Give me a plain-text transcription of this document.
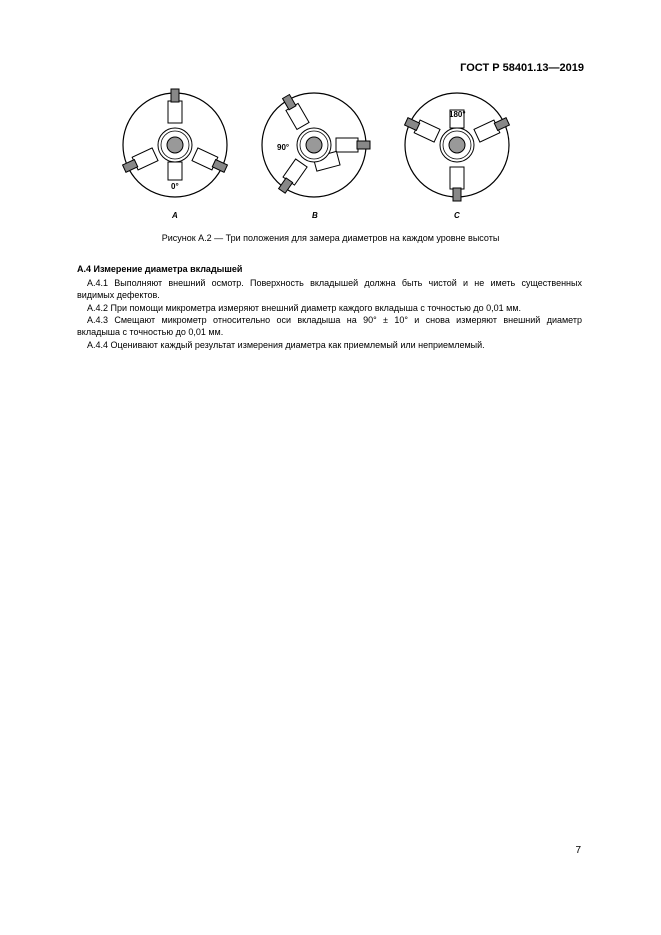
ГОСТ Р 58401.13—2019
0°
A
90°
B
180°
C
Рисунок А.2 — Три положения для замера диаметров на каждом уровне высоты
А.4 Измерение диаметра вкладышей
А.4.1 Выполняют внешний осмотр. Поверхность вкладышей должна быть чистой и не иметь существенных
видимых дефектов.
А.4.2 При помощи микрометра измеряют внешний диаметр каждого вкладыша с точностью до 0,01 мм.
А.4.3 Смещают микрометр относительно оси вкладыша на 90° ± 10° и снова измеряют внешний диаметр
вкладыша с точностью до 0,01 мм.
А.4.4 Оценивают каждый результат измерения диаметра как приемлемый или неприемлемый.
7
